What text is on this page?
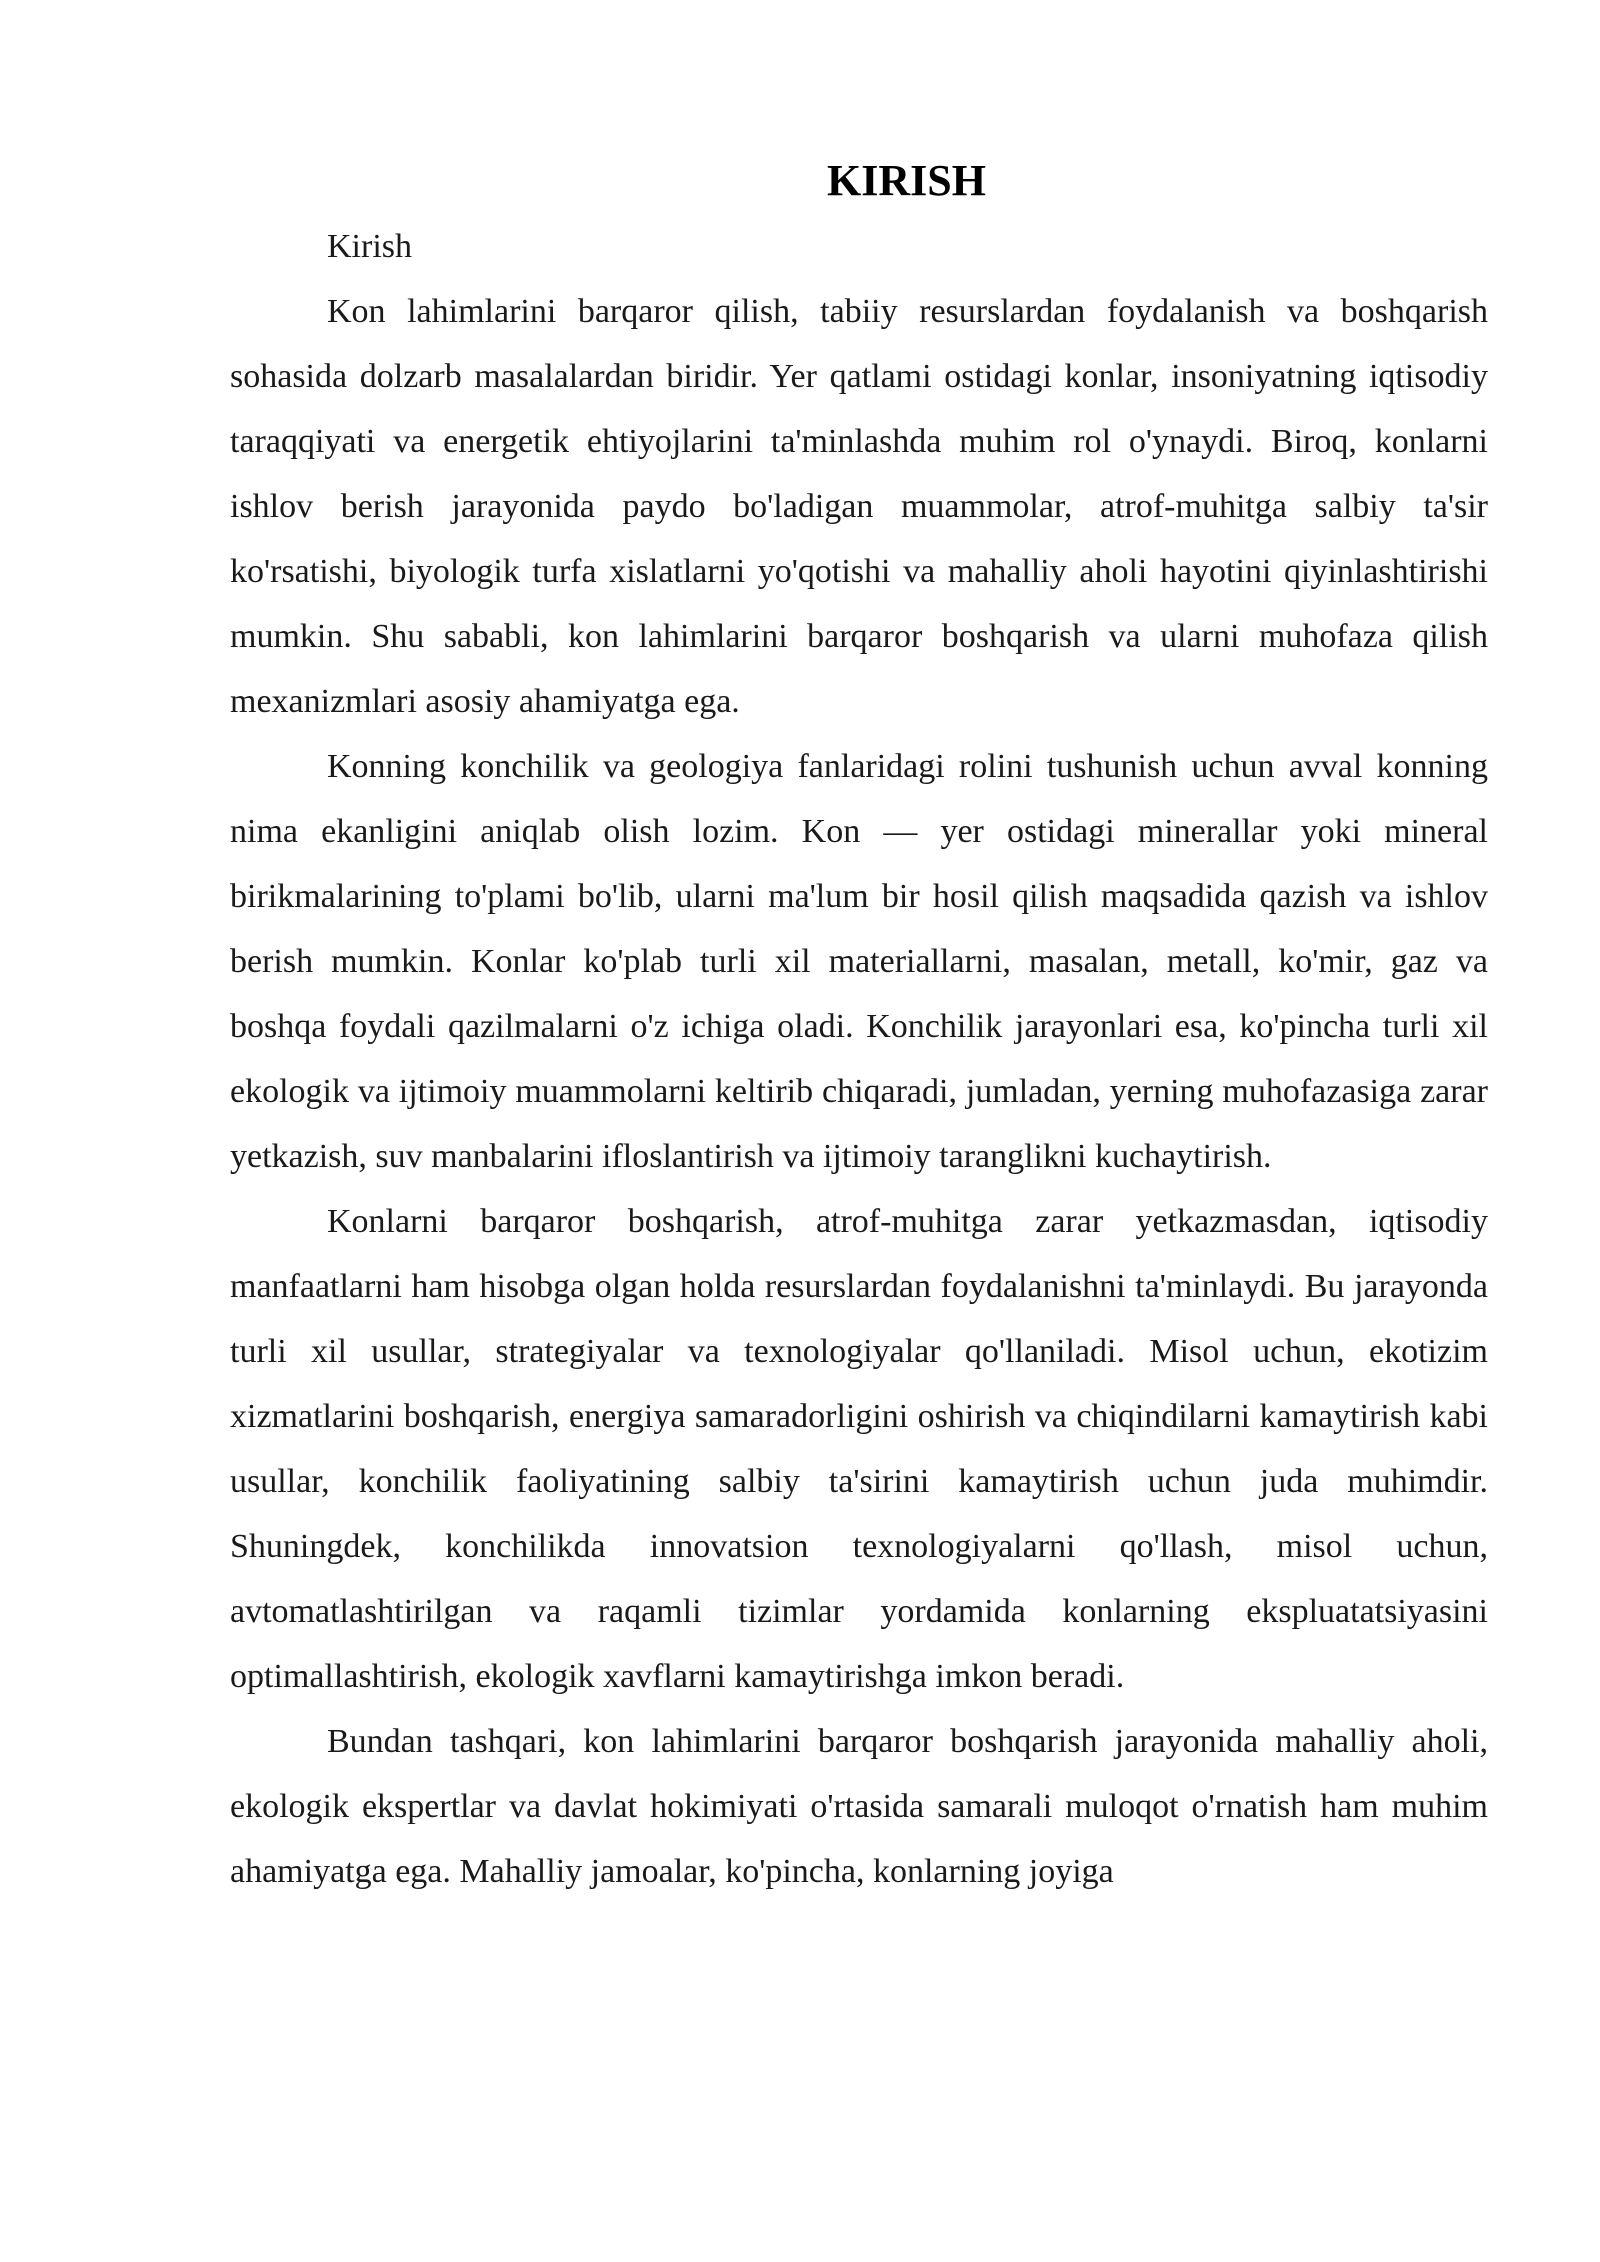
KIRISH

Kirish

Kon lahimlarini barqaror qilish, tabiiy resurslardan foydalanish va boshqarish sohasida dolzarb masalalardan biridir. Yer qatlami ostidagi konlar, insoniyatning iqtisodiy taraqqiyati va energetik ehtiyojlarini ta'minlashda muhim rol o'ynaydi. Biroq, konlarni ishlov berish jarayonida paydo bo'ladigan muammolar, atrof-muhitga salbiy ta'sir ko'rsatishi, biyologik turfa xislatlarni yo'qotishi va mahalliy aholi hayotini qiyinlashtirishi mumkin. Shu sababli, kon lahimlarini barqaror boshqarish va ularni muhofaza qilish mexanizmlari asosiy ahamiyatga ega.

Konning konchilik va geologiya fanlaridagi rolini tushunish uchun avval konning nima ekanligini aniqlab olish lozim. Kon — yer ostidagi minerallar yoki mineral birikmalarining to'plami bo'lib, ularni ma'lum bir hosil qilish maqsadida qazish va ishlov berish mumkin. Konlar ko'plab turli xil materiallarni, masalan, metall, ko'mir, gaz va boshqa foydali qazilmalarni o'z ichiga oladi. Konchilik jarayonlari esa, ko'pincha turli xil ekologik va ijtimoiy muammolarni keltirib chiqaradi, jumladan, yerning muhofazasiga zarar yetkazish, suv manbalarini ifloslantirish va ijtimoiy taranglikni kuchaytirish.

Konlarni barqaror boshqarish, atrof-muhitga zarar yetkazmasdan, iqtisodiy manfaatlarni ham hisobga olgan holda resurslardan foydalanishni ta'minlaydi. Bu jarayonda turli xil usullar, strategiyalar va texnologiyalar qo'llaniladi. Misol uchun, ekotizim xizmatlarini boshqarish, energiya samaradorligini oshirish va chiqindilarni kamaytirish kabi usullar, konchilik faoliyatining salbiy ta'sirini kamaytirish uchun juda muhimdir. Shuningdek, konchilikda innovatsion texnologiyalarni qo'llash, misol uchun, avtomatlashtirilgan va raqamli tizimlar yordamida konlarning ekspluatatsiyasini optimallashtirish, ekologik xavflarni kamaytirishga imkon beradi.

Bundan tashqari, kon lahimlarini barqaror boshqarish jarayonida mahalliy aholi, ekologik ekspertlar va davlat hokimiyati o'rtasida samarali muloqot o'rnatish ham muhim ahamiyatga ega. Mahalliy jamoalar, ko'pincha, konlarning joyiga
